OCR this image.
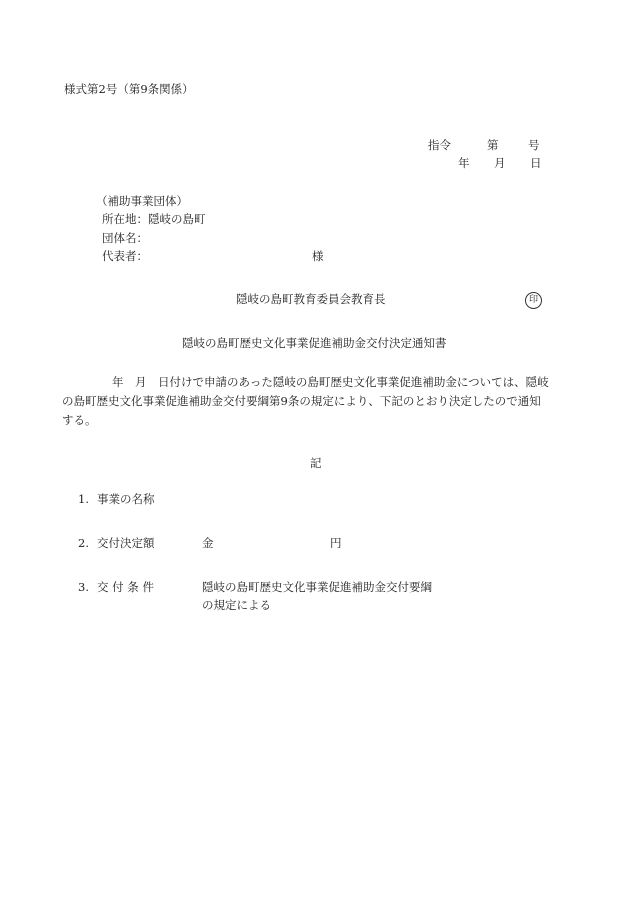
様式第2号（第9条関係）
指令	第	号
年 月 日
（補助事業団体）
所在地：隠岐の島町
団体名：
代表者：	様
隠岐の島町教育委員会教育長	印
隠岐の島町歴史文化事業促進補助金交付決定通知書
年　 月　 日付けで申請のあった隠岐の島町歴史文化事業促進補助金については、隠岐の島町歴史文化事業促進補助金交付要綱第9条の規定により、下記のとおり決定したので通知する。
記
1. 事業の名称
2. 交付決定額	金	円
3. 交 付 条 件	隠岐の島町歴史文化事業促進補助金交付要綱
の規定による
